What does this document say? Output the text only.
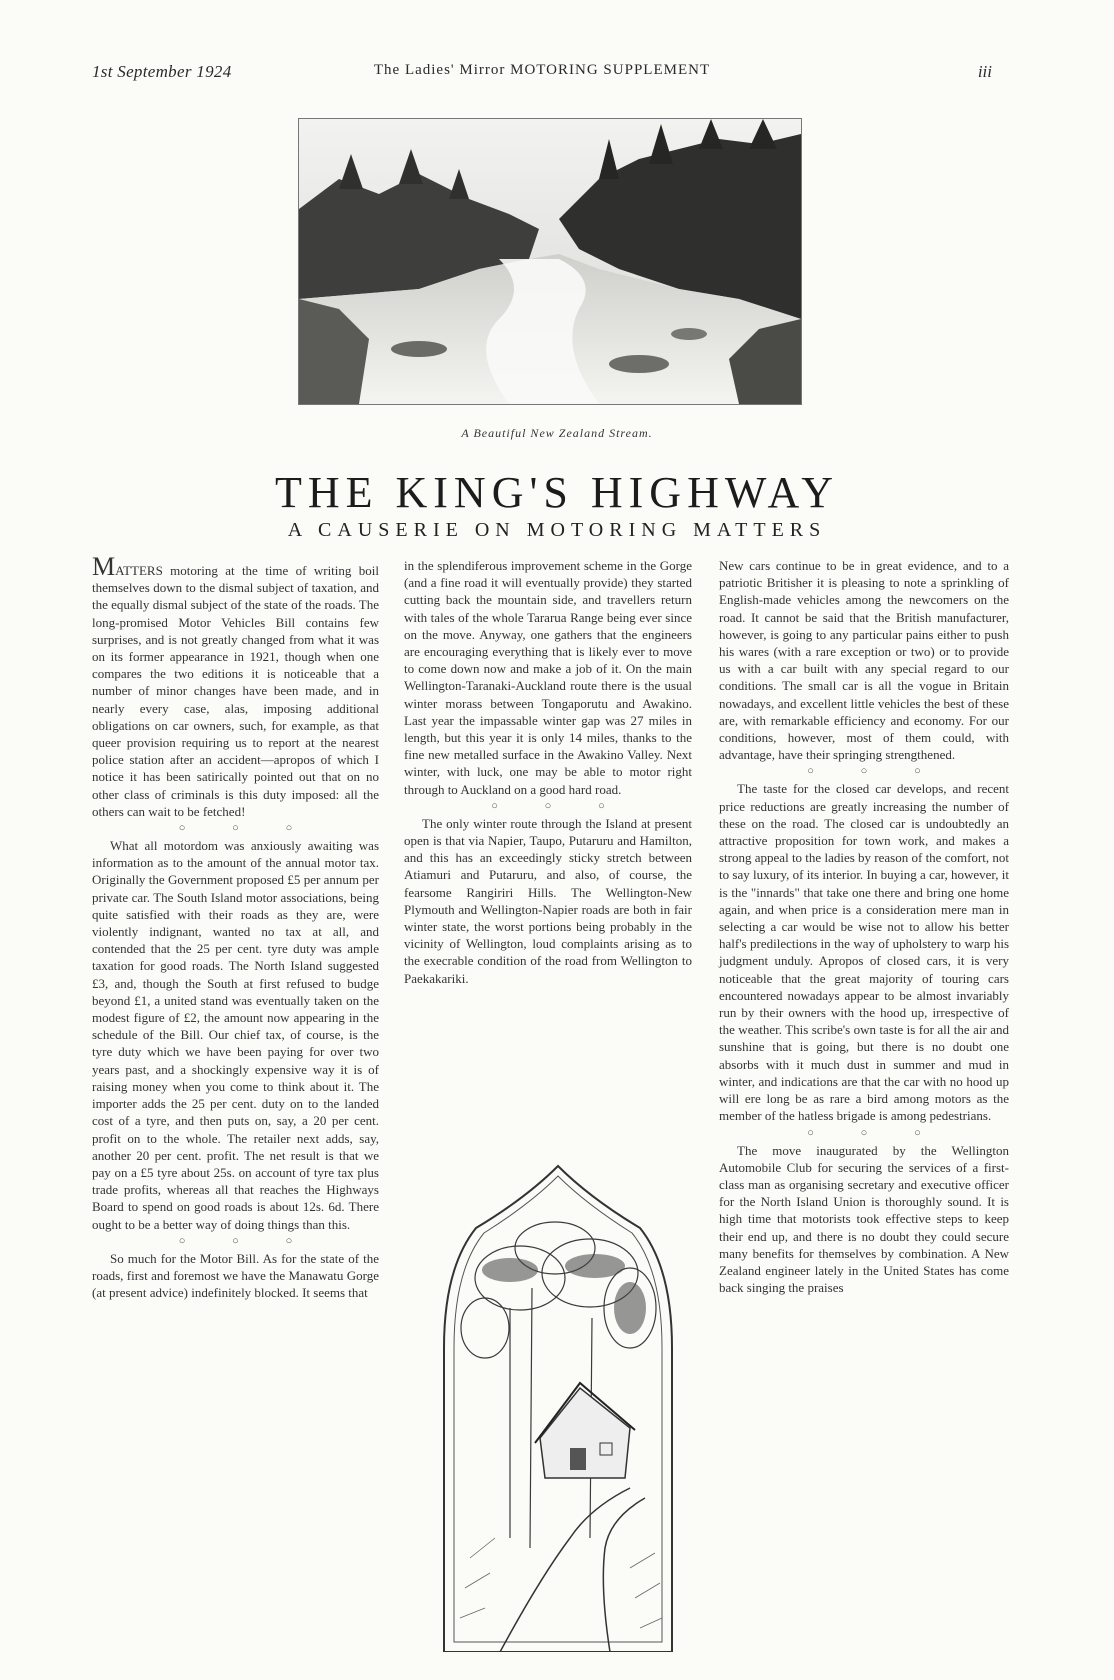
1st September 1924	The Ladies' Mirror MOTORING SUPPLEMENT	iii
A Beautiful New Zealand Stream.
THE KING'S HIGHWAY
A CAUSERIE ON MOTORING MATTERS

MATTERS motoring at the time of writing boil themselves down to the dismal subject of taxation, and the equally dismal subject of the state of the roads. The long-promised Motor Vehicles Bill contains few surprises, and is not greatly changed from what it was on its former appearance in 1921, though when one compares the two editions it is noticeable that a number of minor changes have been made, and in nearly every case, alas, imposing additional obligations on car owners, such, for example, as that queer provision requiring us to report at the nearest police station after an accident—apropos of which I notice it has been satirically pointed out that on no other class of criminals is this duty imposed: all the others can wait to be fetched!

○ ○ ○

What all motordom was anxiously awaiting was information as to the amount of the annual motor tax. Originally the Government proposed £5 per annum per private car. The South Island motor associations, being quite satisfied with their roads as they are, were violently indignant, wanted no tax at all, and contended that the 25 per cent. tyre duty was ample taxation for good roads. The North Island suggested £3, and, though the South at first refused to budge beyond £1, a united stand was eventually taken on the modest figure of £2, the amount now appearing in the schedule of the Bill. Our chief tax, of course, is the tyre duty which we have been paying for over two years past, and a shockingly expensive way it is of raising money when you come to think about it. The importer adds the 25 per cent. duty on to the landed cost of a tyre, and then puts on, say, a 20 per cent. profit on to the whole. The retailer next adds, say, another 20 per cent. profit. The net result is that we pay on a £5 tyre about 25s. on account of tyre tax plus trade profits, whereas all that reaches the Highways Board to spend on good roads is about 12s. 6d. There ought to be a better way of doing things than this.

○ ○ ○

So much for the Motor Bill. As for the state of the roads, first and foremost we have the Manawatu Gorge (at present advice) indefinitely blocked. It seems that

in the splendiferous improvement scheme in the Gorge (and a fine road it will eventually provide) they started cutting back the mountain side, and travellers return with tales of the whole Tararua Range being ever since on the move. Anyway, one gathers that the engineers are encouraging everything that is likely ever to move to come down now and make a job of it. On the main Wellington-Taranaki-Auckland route there is the usual winter morass between Tongaporutu and Awakino. Last year the impassable winter gap was 27 miles in length, but this year it is only 14 miles, thanks to the fine new metalled surface in the Awakino Valley. Next winter, with luck, one may be able to motor right through to Auckland on a good hard road.

○ ○ ○

The only winter route through the Island at present open is that via Napier, Taupo, Putaruru and Hamilton, and this has an exceedingly sticky stretch between Atiamuri and Putaruru, and also, of course, the fearsome Rangiriri Hills. The Wellington-New Plymouth and Wellington-Napier roads are both in fair winter state, the worst portions being probably in the vicinity of Wellington, loud complaints arising as to the execrable condition of the road from Wellington to Paekakariki.

New cars continue to be in great evidence, and to a patriotic Britisher it is pleasing to note a sprinkling of English-made vehicles among the newcomers on the road. It cannot be said that the British manufacturer, however, is going to any particular pains either to push his wares (with a rare exception or two) or to provide us with a car built with any special regard to our conditions. The small car is all the vogue in Britain nowadays, and excellent little vehicles the best of these are, with remarkable efficiency and economy. For our conditions, however, most of them could, with advantage, have their springing strengthened.

○ ○ ○

The taste for the closed car develops, and recent price reductions are greatly increasing the number of these on the road. The closed car is undoubtedly an attractive proposition for town work, and makes a strong appeal to the ladies by reason of the comfort, not to say luxury, of its interior. In buying a car, however, it is the "innards" that take one there and bring one home again, and when price is a consideration mere man in selecting a car would be wise not to allow his better half's predilections in the way of upholstery to warp his judgment unduly. Apropos of closed cars, it is very noticeable that the great majority of touring cars encountered nowadays appear to be almost invariably run by their owners with the hood up, irrespective of the weather. This scribe's own taste is for all the air and sunshine that is going, but there is no doubt one absorbs with it much dust in summer and mud in winter, and indications are that the car with no hood up will ere long be as rare a bird among motors as the member of the hatless brigade is among pedestrians.

○ ○ ○

The move inaugurated by the Wellington Automobile Club for securing the services of a first-class man as organising secretary and executive officer for the North Island Union is thoroughly sound. It is high time that motorists took effective steps to keep their end up, and there is no doubt they could secure many benefits for themselves by combination. A New Zealand engineer lately in the United States has come back singing the praises
